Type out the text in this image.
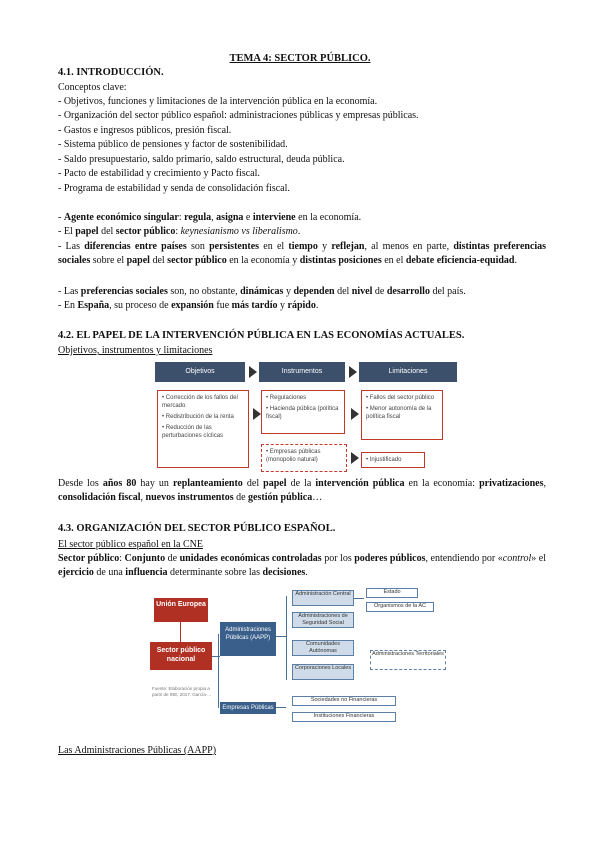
TEMA 4: SECTOR PÚBLICO.
4.1. INTRODUCCIÓN.
Conceptos clave:
- Objetivos, funciones y limitaciones de la intervención pública en la economía.
- Organización del sector público español: administraciones públicas y empresas públicas.
- Gastos e ingresos públicos, presión fiscal.
- Sistema público de pensiones y factor de sostenibilidad.
- Saldo presupuestario, saldo primario, saldo estructural, deuda pública.
- Pacto de estabilidad y crecimiento y Pacto fiscal.
- Programa de estabilidad y senda de consolidación fiscal.
- Agente económico singular: regula, asigna e interviene en la economía.
- El papel del sector público: keynesianismo vs liberalismo.
- Las diferencias entre países son persistentes en el tiempo y reflejan, al menos en parte, distintas preferencias sociales sobre el papel del sector público en la economía y distintas posiciones en el debate eficiencia-equidad.
- Las preferencias sociales son, no obstante, dinámicas y dependen del nivel de desarrollo del país.
- En España, su proceso de expansión fue más tardío y rápido.
4.2. EL PAPEL DE LA INTERVENCIÓN PÚBLICA EN LAS ECONOMÍAS ACTUALES.
Objetivos, instrumentos y limitaciones
Objetivos	Instrumentos	Limitaciones
• Corrección de los fallos del mercado
• Redistribución de la renta
• Reducción de las perturbaciones cíclicas
• Regulaciones
• Hacienda pública (política fiscal)
• Fallos del sector público
• Menor autonomía de la política fiscal
• Empresas públicas (monopolio natural)	• Injustificado
Desde los años 80 hay un replanteamiento del papel de la intervención pública en la economía: privatizaciones, consolidación fiscal, nuevos instrumentos de gestión pública…
4.3. ORGANIZACIÓN DEL SECTOR PÚBLICO ESPAÑOL.
El sector público español en la CNE
Sector público: Conjunto de unidades económicas controladas por los poderes públicos, entendiendo por «control» el ejercicio de una influencia determinante sobre las decisiones.
Unión Europea
Sector público nacional
Administraciones Públicas (AAPP)
Empresas Públicas
Administración Central
Administraciones de Seguridad Social
Comunidades Autónomas
Corporaciones Locales
Estado
Organismos de la AC
Administraciones Territoriales
Sociedades no Financieras
Instituciones Financieras
Fuente: Elaboración propia a partir de INE, 2017. García-...
Las Administraciones Públicas (AAPP)
